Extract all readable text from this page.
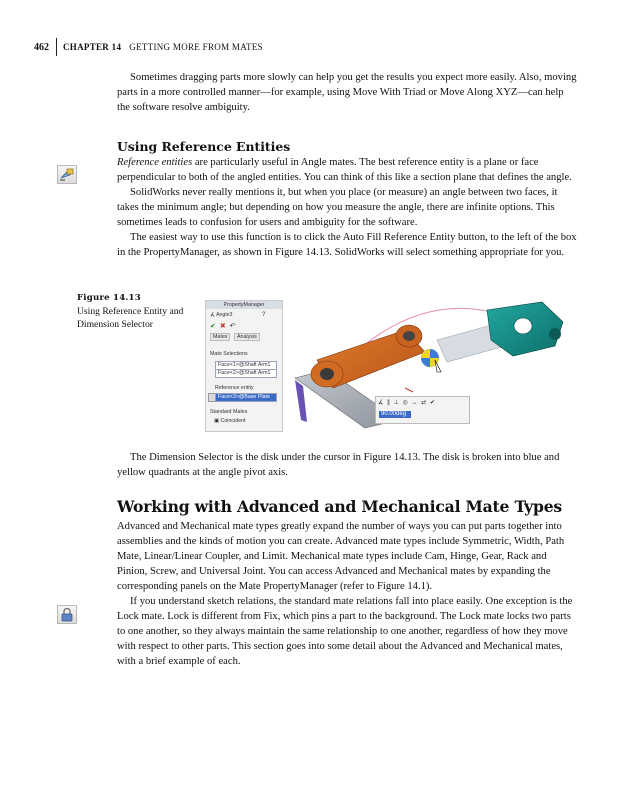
462 CHAPTER 14 GETTING MORE FROM MATES

Sometimes dragging parts more slowly can help you get the results you expect more easily. Also, moving parts in a more controlled manner—for example, using Move With Triad or Move Along XYZ—can help the software resolve ambiguity.

Using Reference Entities

Reference entities are particularly useful in Angle mates. The best reference entity is a plane or face perpendicular to both of the angled entities. You can think of this like a section plane that defines the angle.

SolidWorks never really mentions it, but when you place (or measure) an angle between two faces, it takes the minimum angle; but depending on how you measure the angle, there are infinite options. This sometimes leads to confusion for users and ambiguity for the software.

The easiest way to use this function is to click the Auto Fill Reference Entity button, to the left of the box in the PropertyManager, as shown in Figure 14.13. SolidWorks will select something appropriate for you.

Figure 14.13
Using Reference Entity and Dimension Selector
PropertyManager
∡ Angle3	?
✔ ✖ ↶
Mates	Analysis
Mate Selections
Face<1>@Shaft Arm1
Face<2>@Shaft Arm1
Reference entity
Face<3>@Base Plate
Standard Mates
▣ Coincident
∡ ∥ ⊥ ◎ ↔ ⇄ ✔
90.00deg

The Dimension Selector is the disk under the cursor in Figure 14.13. The disk is broken into blue and yellow quadrants at the angle pivot axis.

Working with Advanced and Mechanical Mate Types

Advanced and Mechanical mate types greatly expand the number of ways you can put parts together into assemblies and the kinds of motion you can create. Advanced mate types include Symmetric, Width, Path Mate, Linear/Linear Coupler, and Limit. Mechanical mate types include Cam, Hinge, Gear, Rack and Pinion, Screw, and Universal Joint. You can access Advanced and Mechanical mates by expanding the corresponding panels on the Mate PropertyManager (refer to Figure 14.1).

If you understand sketch relations, the standard mate relations fall into place easily. One exception is the Lock mate. Lock is different from Fix, which pins a part to the background. The Lock mate locks two parts to one another, so they always maintain the same relationship to one another, regardless of how they move with respect to other parts. This section goes into some detail about the Advanced and Mechanical mates, with a brief example of each.
